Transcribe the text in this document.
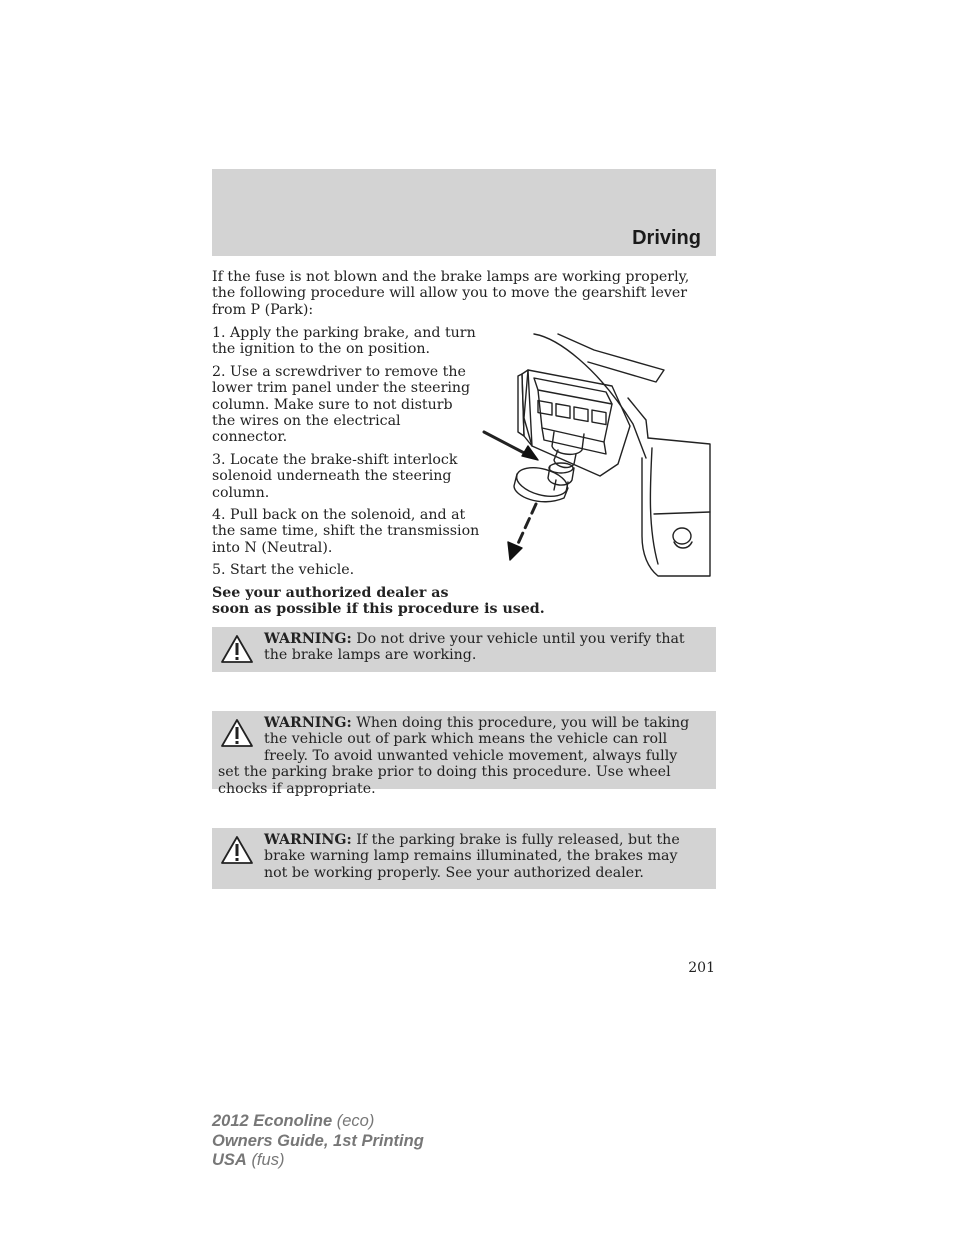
Driving
If the fuse is not blown and the brake lamps are working properly, the following procedure will allow you to move the gearshift lever from P (Park):

1. Apply the parking brake, and turn the ignition to the on position.

2. Use a screwdriver to remove the lower trim panel under the steering column. Make sure to not disturb the wires on the electrical connector.

3. Locate the brake-shift interlock solenoid underneath the steering column.

4. Pull back on the solenoid, and at the same time, shift the transmission into N (Neutral).

5. Start the vehicle.

See your authorized dealer as
soon as possible if this procedure is used.

WARNING: Do not drive your vehicle until you verify that the brake lamps are working.
WARNING: When doing this procedure, you will be taking the vehicle out of park which means the vehicle can roll freely. To avoid unwanted vehicle movement, always fully set the parking brake prior to doing this procedure. Use wheel chocks if appropriate.
WARNING: If the parking brake is fully released, but the brake warning lamp remains illuminated, the brakes may not be working properly. See your authorized dealer.
201
2012 Econoline (eco)
Owners Guide, 1st Printing
USA (fus)
